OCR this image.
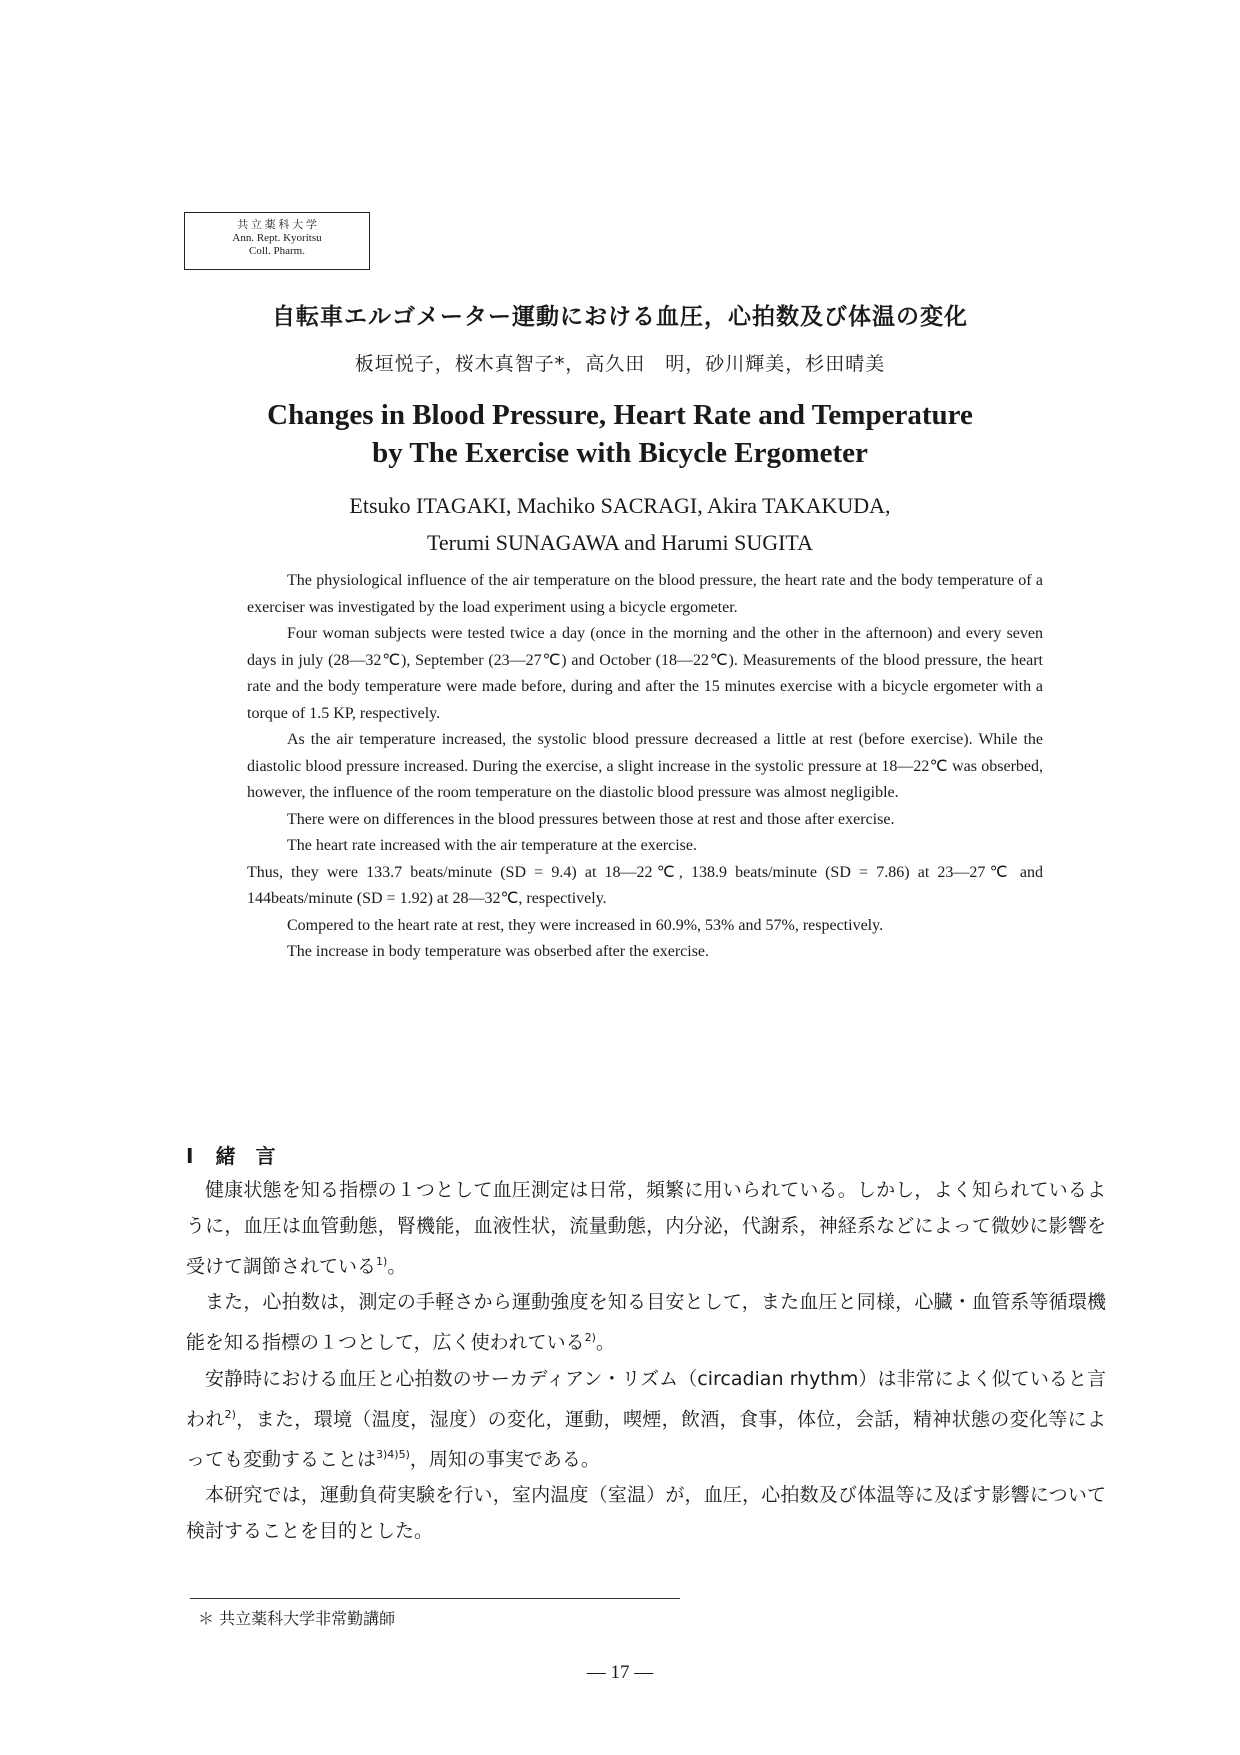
共 立 薬 科 大 学
Ann. Rept. Kyoritsu
Coll. Pharm.
自転車エルゴメーター運動における血圧，心拍数及び体温の変化
板垣悦子，桜木真智子*，高久田　明，砂川輝美，杉田晴美
Changes in Blood Pressure, Heart Rate and Temperature
by The Exercise with Bicycle Ergometer
Etsuko ITAGAKI, Machiko SACRAGI, Akira TAKAKUDA,
Terumi SUNAGAWA and Harumi SUGITA

The physiological influence of the air temperature on the blood pressure, the heart rate and the body temperature of a exerciser was investigated by the load experiment using a bicycle ergometer.

Four woman subjects were tested twice a day (once in the morning and the other in the afternoon) and every seven days in july (28—32℃), September (23—27℃) and October (18—22℃). Measurements of the blood pressure, the heart rate and the body temperature were made before, during and after the 15 minutes exercise with a bicycle ergometer with a torque of 1.5 KP, respectively.

As the air temperature increased, the systolic blood pressure decreased a little at rest (before exercise). While the diastolic blood pressure increased. During the exercise, a slight increase in the systolic pressure at 18—22℃ was obserbed, however, the influence of the room temperature on the diastolic blood pressure was almost negligible.

There were on differences in the blood pressures between those at rest and those after exercise.

The heart rate increased with the air temperature at the exercise.

Thus, they were 133.7 beats/minute (SD = 9.4) at 18—22℃, 138.9 beats/minute (SD = 7.86) at 23—27℃ and 144beats/minute (SD = 1.92) at 28—32℃, respectively.

Compered to the heart rate at rest, they were increased in 60.9%, 53% and 57%, respectively.

The increase in body temperature was obserbed after the exercise.

Ⅰ 緒　言

健康状態を知る指標の１つとして血圧測定は日常，頻繁に用いられている。しかし，よく知られているように，血圧は血管動態，腎機能，血液性状，流量動態，内分泌，代謝系，神経系などによって微妙に影響を受けて調節されている$^{1)}$。

また，心拍数は，測定の手軽さから運動強度を知る目安として，また血圧と同様，心臓・血管系等循環機能を知る指標の１つとして，広く使われている$^{2)}$。

安静時における血圧と心拍数のサーカディアン・リズム（circadian rhythm）は非常によく似ていると言われ$^{2)}$，また，環境（温度，湿度）の変化，運動，喫煙，飲酒，食事，体位，会話，精神状態の変化等によっても変動することは$^{3)4)5)}$，周知の事実である。

本研究では，運動負荷実験を行い，室内温度（室温）が，血圧，心拍数及び体温等に及ぼす影響について検討することを目的とした。

＊ 共立薬科大学非常勤講師
— 17 —
